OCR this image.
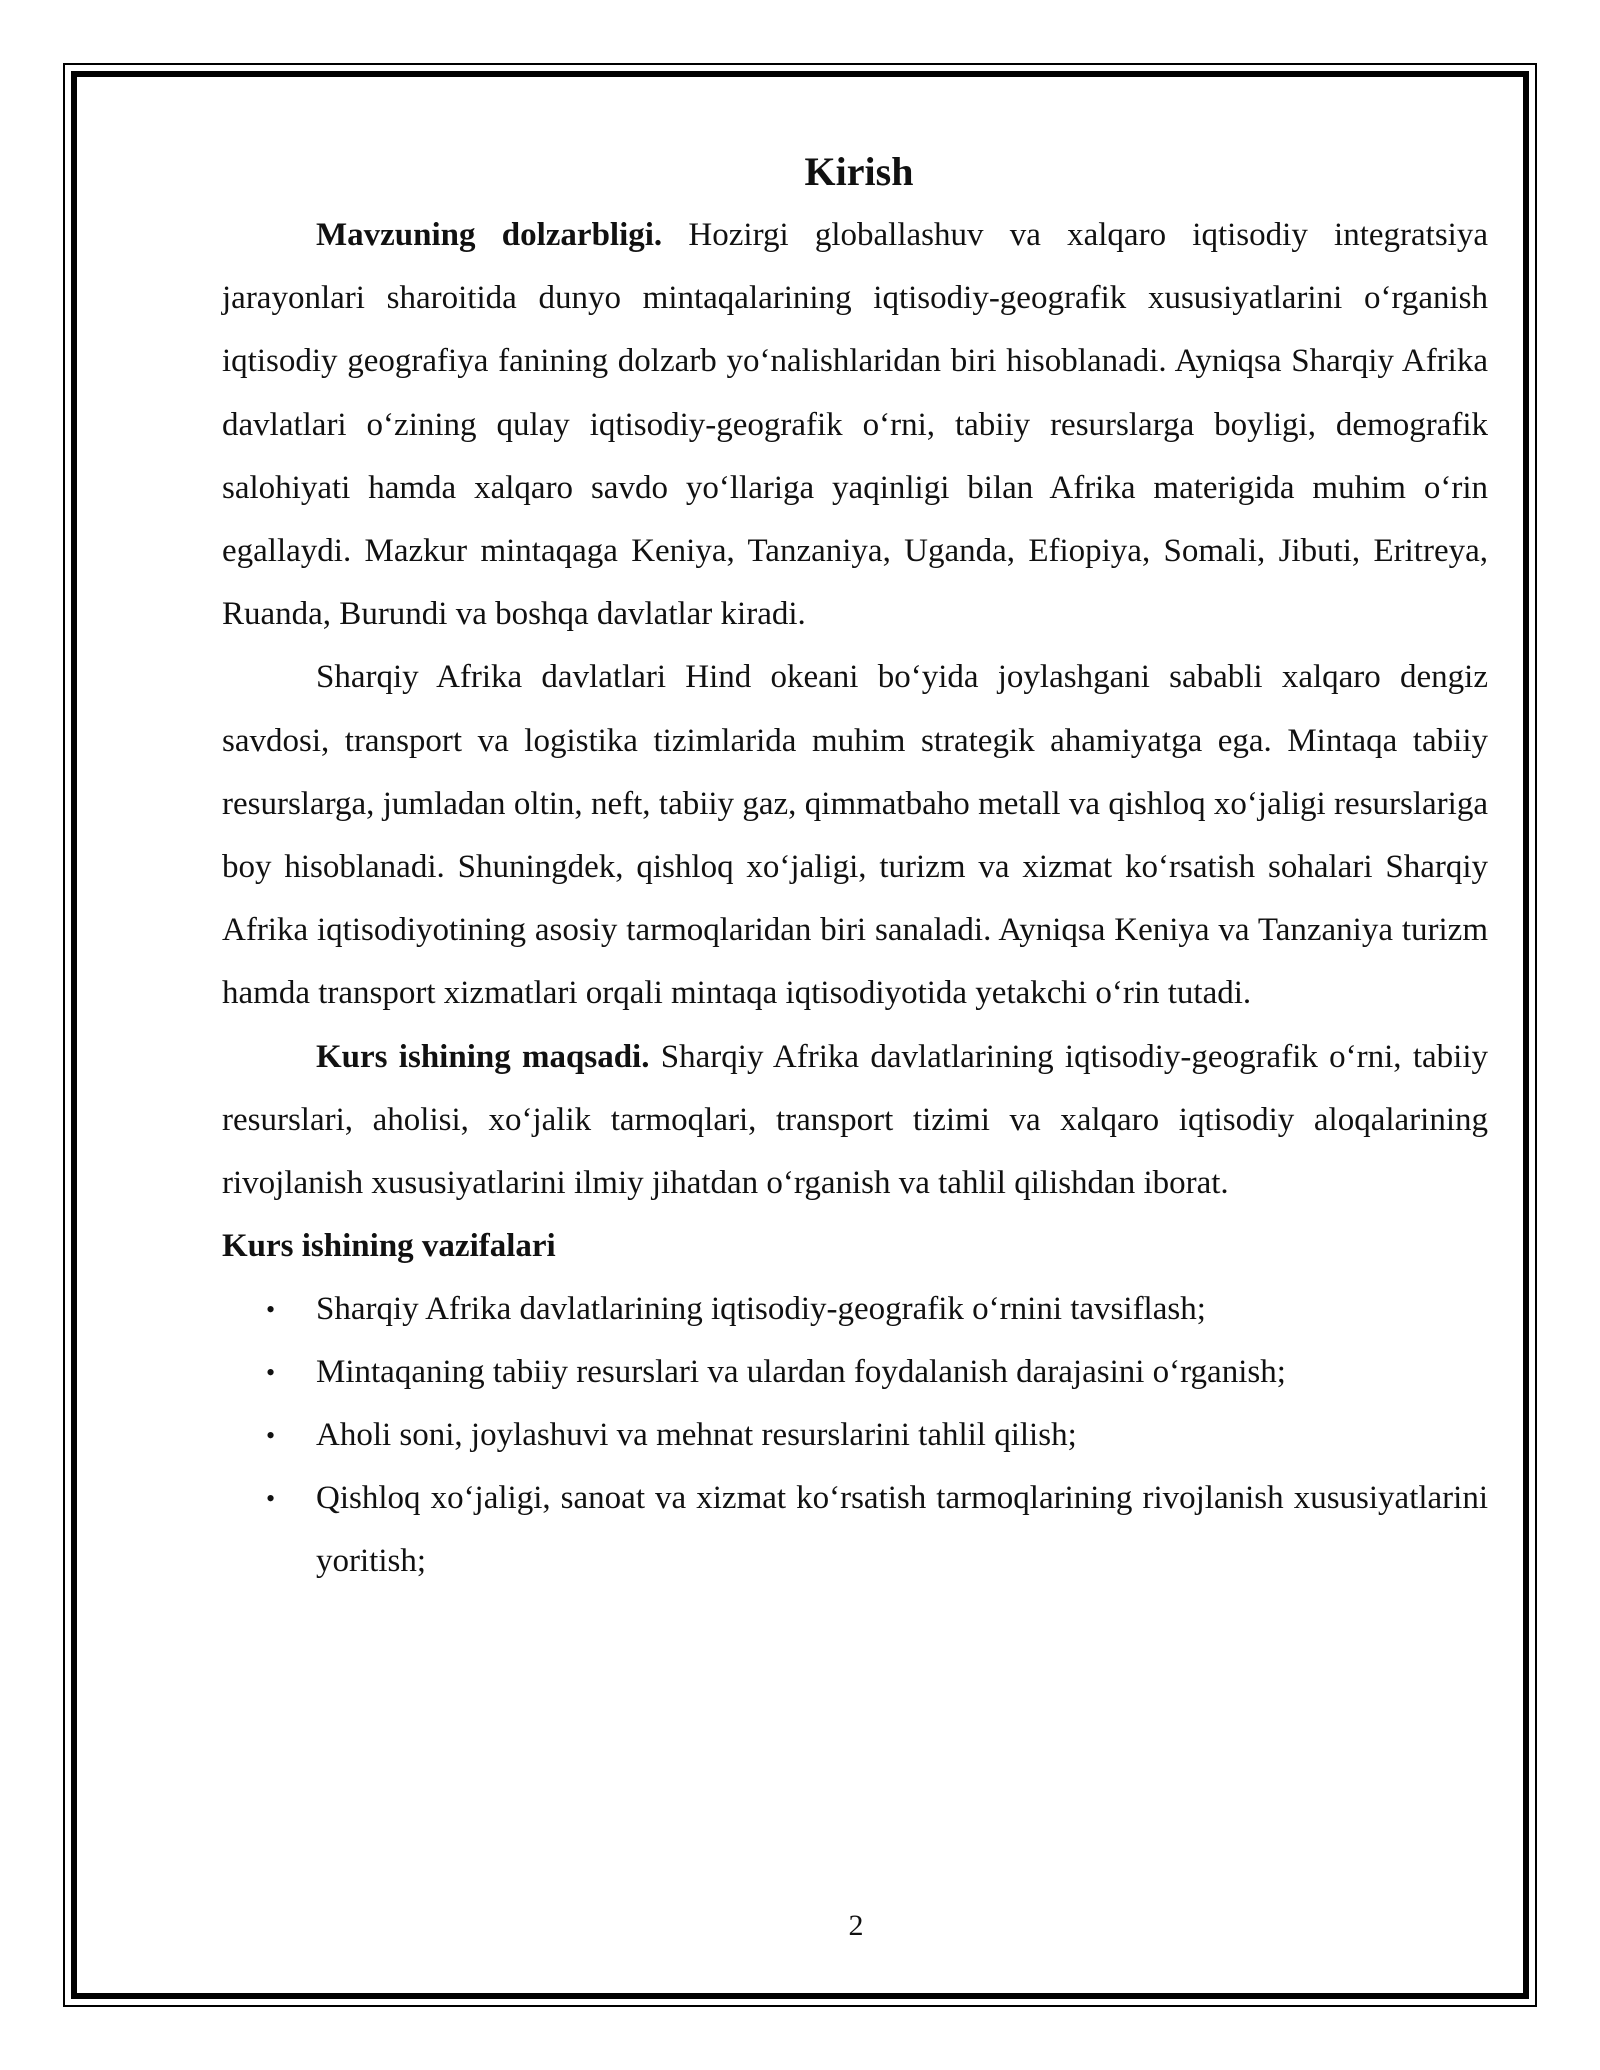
Kirish

Mavzuning dolzarbligi. Hozirgi globallashuv va xalqaro iqtisodiy integratsiya jarayonlari sharoitida dunyo mintaqalarining iqtisodiy-geografik xususiyatlarini o‘rganish iqtisodiy geografiya fanining dolzarb yo‘nalishlaridan biri hisoblanadi. Ayniqsa Sharqiy Afrika davlatlari o‘zining qulay iqtisodiy-geografik o‘rni, tabiiy resurslarga boyligi, demografik salohiyati hamda xalqaro savdo yo‘llariga yaqinligi bilan Afrika materigida muhim o‘rin egallaydi. Mazkur mintaqaga Keniya, Tanzaniya, Uganda, Efiopiya, Somali, Jibuti, Eritreya, Ruanda, Burundi va boshqa davlatlar kiradi.

Sharqiy Afrika davlatlari Hind okeani bo‘yida joylashgani sababli xalqaro dengiz savdosi, transport va logistika tizimlarida muhim strategik ahamiyatga ega. Mintaqa tabiiy resurslarga, jumladan oltin, neft, tabiiy gaz, qimmatbaho metall va qishloq xo‘jaligi resurslariga boy hisoblanadi. Shuningdek, qishloq xo‘jaligi, turizm va xizmat ko‘rsatish sohalari Sharqiy Afrika iqtisodiyotining asosiy tarmoqlaridan biri sanaladi. Ayniqsa Keniya va Tanzaniya turizm hamda transport xizmatlari orqali mintaqa iqtisodiyotida yetakchi o‘rin tutadi.

Kurs ishining maqsadi. Sharqiy Afrika davlatlarining iqtisodiy-geografik o‘rni, tabiiy resurslari, aholisi, xo‘jalik tarmoqlari, transport tizimi va xalqaro iqtisodiy aloqalarining rivojlanish xususiyatlarini ilmiy jihatdan o‘rganish va tahlil qilishdan iborat.

Kurs ishining vazifalari

• Sharqiy Afrika davlatlarining iqtisodiy-geografik o‘rnini tavsiflash;
• Mintaqaning tabiiy resurslari va ulardan foydalanish darajasini o‘rganish;
• Aholi soni, joylashuvi va mehnat resurslarini tahlil qilish;
• Qishloq xo‘jaligi, sanoat va xizmat ko‘rsatish tarmoqlarining rivojlanish xususiyatlarini yoritish;
2
